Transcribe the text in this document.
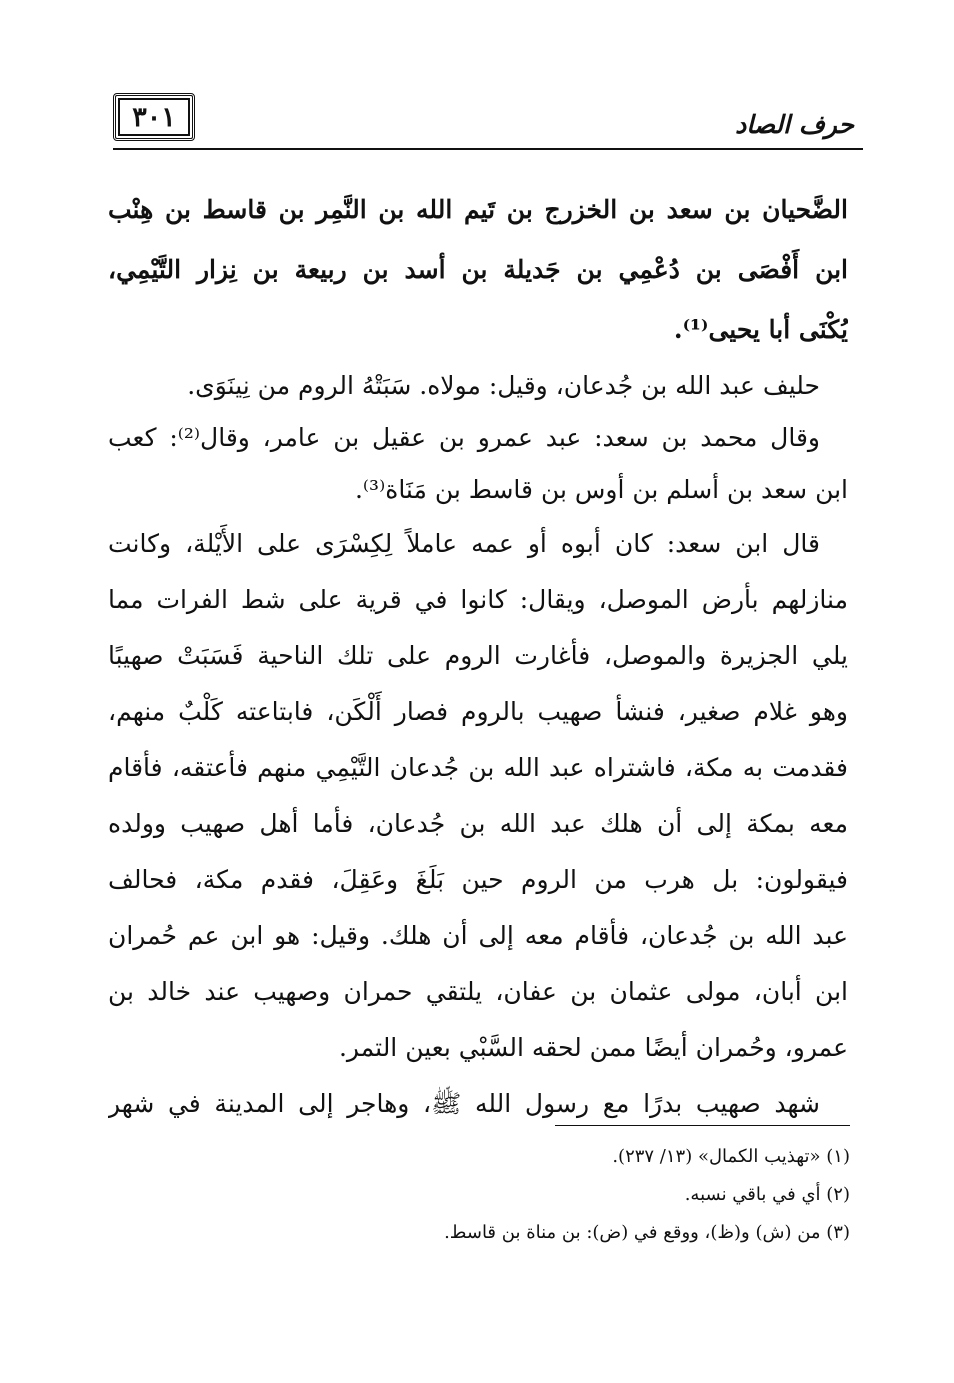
٣٠١	حرف الصاد
الضَّحيان بن سعد بن الخزرج بن تَيم الله بن النَّمِر بن قاسط بن هِنْب
ابن أَفْصَى بن دُعْمِي بن جَديلة بن أسد بن ربيعة بن نِزار التَّيْمِي،
يُكْنَى أبا يحيى⁽¹⁾.
حليف عبد الله بن جُدعان، وقيل: مولاه. سَبَتْهُ الروم من نِينَوَى.
وقال محمد بن سعد: عبد عمرو بن عقيل بن عامر، وقال⁽²⁾: كعب
ابن سعد بن أسلم بن أوس بن قاسط بن مَنَاة⁽³⁾.
قال ابن سعد: كان أبوه أو عمه عاملاً لِكِسْرَى على الأَيْلة، وكانت
منازلهم بأرض الموصل، ويقال: كانوا في قرية على شط الفرات مما
يلي الجزيرة والموصل، فأغارت الروم على تلك الناحية فَسَبَتْ صهيبًا
وهو غلام صغير، فنشأ صهيب بالروم فصار أَلْكَن، فابتاعته كَلْبٌ منهم،
فقدمت به مكة، فاشتراه عبد الله بن جُدعان التَّيْمِي منهم فأعتقه، فأقام
معه بمكة إلى أن هلك عبد الله بن جُدعان، فأما أهل صهيب وولده
فيقولون: بل هرب من الروم حين بَلَغَ وعَقِلَ، فقدم مكة، فحالف
عبد الله بن جُدعان، فأقام معه إلى أن هلك. وقيل: هو ابن عم حُمران
ابن أبان، مولى عثمان بن عفان، يلتقي حمران وصهيب عند خالد بن
عمرو، وحُمران أيضًا ممن لحقه السَّبْي بعين التمر.
شهد صهيب بدرًا مع رسول الله ﷺ، وهاجر إلى المدينة في شهر
(١) «تهذيب الكمال» (١٣/ ٢٣٧).
(٢) أي في باقي نسبه.
(٣) من (ش) و(ظ)، ووقع في (ض): بن مناة بن قاسط.
